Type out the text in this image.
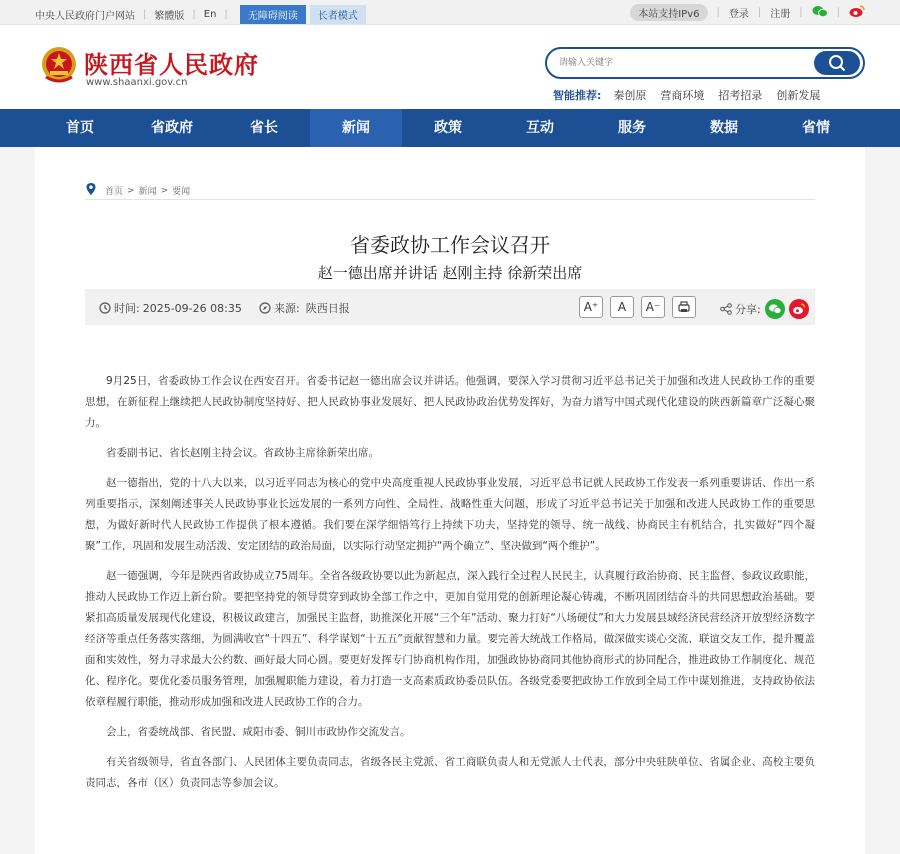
中央人民政府门户网站 | 繁體版 | En |	无障碍阅读	长者模式	本站支持IPv6	| 登录 | 注册 |	|
陕西省人民政府
www.shaanxi.gov.cn
请输入关键字
智能推荐: 秦创原 营商环境 招考招录 创新发展
首页	省政府	省长	新闻	政策	互动	服务	数据	省情
首页 > 新闻 > 要闻
省委政协工作会议召开
赵一德出席并讲话 赵刚主持 徐新荣出席
时间: 2025-09-26 08:35	来源: 陕西日报	A⁺	A	A⁻	分享:

9月25日，省委政协工作会议在西安召开。省委书记赵一德出席会议并讲话。他强调，要深入学习贯彻习近平总书记关于加强和改进人民政协工作的重要思想，在新征程上继续把人民政协制度坚持好、把人民政协事业发展好、把人民政协政治优势发挥好，为奋力谱写中国式现代化建设的陕西新篇章广泛凝心聚力。

省委副书记、省长赵刚主持会议。省政协主席徐新荣出席。

赵一德指出，党的十八大以来，以习近平同志为核心的党中央高度重视人民政协事业发展，习近平总书记就人民政协工作发表一系列重要讲话、作出一系列重要指示，深刻阐述事关人民政协事业长远发展的一系列方向性、全局性、战略性重大问题，形成了习近平总书记关于加强和改进人民政协工作的重要思想，为做好新时代人民政协工作提供了根本遵循。我们要在深学细悟笃行上持续下功夫，坚持党的领导、统一战线、协商民主有机结合，扎实做好“四个凝聚”工作，巩固和发展生动活泼、安定团结的政治局面，以实际行动坚定拥护“两个确立”、坚决做到“两个维护”。

赵一德强调，今年是陕西省政协成立75周年。全省各级政协要以此为新起点，深入践行全过程人民民主，认真履行政治协商、民主监督、参政议政职能，推动人民政协工作迈上新台阶。要把坚持党的领导贯穿到政协全部工作之中，更加自觉用党的创新理论凝心铸魂，不断巩固团结奋斗的共同思想政治基础。要紧扣高质量发展现代化建设，积极议政建言，加强民主监督，助推深化开展“三个年”活动、聚力打好“八场硬仗”和大力发展县域经济民营经济开放型经济数字经济等重点任务落实落细，为圆满收官“十四五”、科学谋划“十五五”贡献智慧和力量。要完善大统战工作格局，做深做实谈心交流、联谊交友工作，提升覆盖面和实效性，努力寻求最大公约数、画好最大同心圆。要更好发挥专门协商机构作用，加强政协协商同其他协商形式的协同配合，推进政协工作制度化、规范化、程序化。要优化委员服务管理，加强履职能力建设，着力打造一支高素质政协委员队伍。各级党委要把政协工作放到全局工作中谋划推进，支持政协依法依章程履行职能，推动形成加强和改进人民政协工作的合力。

会上，省委统战部、省民盟、咸阳市委、铜川市政协作交流发言。

有关省级领导，省直各部门、人民团体主要负责同志，省级各民主党派、省工商联负责人和无党派人士代表，部分中央驻陕单位、省属企业、高校主要负责同志，各市（区）负责同志等参加会议。
